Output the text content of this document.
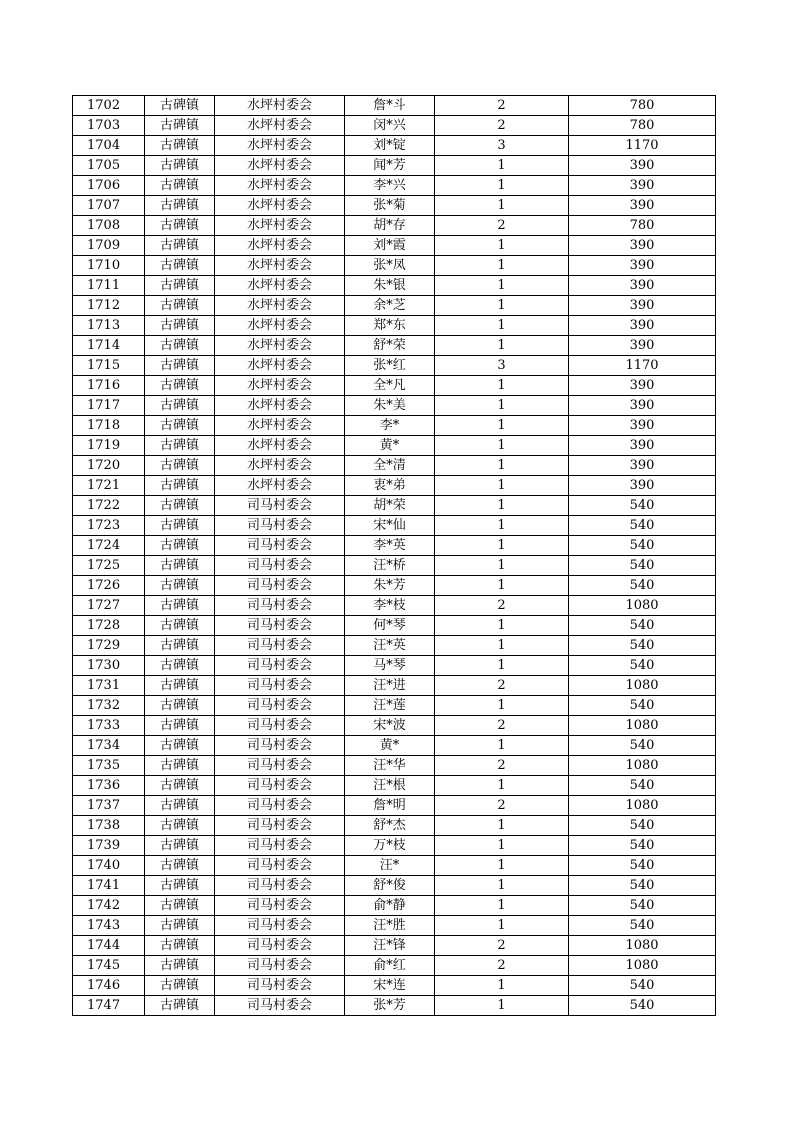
1702	古碑镇	水坪村委会	詹*斗	2	780
1703	古碑镇	水坪村委会	闵*兴	2	780
1704	古碑镇	水坪村委会	刘*锭	3	1170
1705	古碑镇	水坪村委会	闻*芳	1	390
1706	古碑镇	水坪村委会	李*兴	1	390
1707	古碑镇	水坪村委会	张*菊	1	390
1708	古碑镇	水坪村委会	胡*存	2	780
1709	古碑镇	水坪村委会	刘*霞	1	390
1710	古碑镇	水坪村委会	张*凤	1	390
1711	古碑镇	水坪村委会	朱*银	1	390
1712	古碑镇	水坪村委会	余*芝	1	390
1713	古碑镇	水坪村委会	郑*东	1	390
1714	古碑镇	水坪村委会	舒*荣	1	390
1715	古碑镇	水坪村委会	张*红	3	1170
1716	古碑镇	水坪村委会	全*凡	1	390
1717	古碑镇	水坪村委会	朱*美	1	390
1718	古碑镇	水坪村委会	李*	1	390
1719	古碑镇	水坪村委会	黄*	1	390
1720	古碑镇	水坪村委会	全*清	1	390
1721	古碑镇	水坪村委会	衷*弟	1	390
1722	古碑镇	司马村委会	胡*荣	1	540
1723	古碑镇	司马村委会	宋*仙	1	540
1724	古碑镇	司马村委会	李*英	1	540
1725	古碑镇	司马村委会	汪*桥	1	540
1726	古碑镇	司马村委会	朱*芳	1	540
1727	古碑镇	司马村委会	李*枝	2	1080
1728	古碑镇	司马村委会	何*琴	1	540
1729	古碑镇	司马村委会	汪*英	1	540
1730	古碑镇	司马村委会	马*琴	1	540
1731	古碑镇	司马村委会	汪*进	2	1080
1732	古碑镇	司马村委会	汪*莲	1	540
1733	古碑镇	司马村委会	宋*波	2	1080
1734	古碑镇	司马村委会	黄*	1	540
1735	古碑镇	司马村委会	汪*华	2	1080
1736	古碑镇	司马村委会	汪*根	1	540
1737	古碑镇	司马村委会	詹*明	2	1080
1738	古碑镇	司马村委会	舒*杰	1	540
1739	古碑镇	司马村委会	万*枝	1	540
1740	古碑镇	司马村委会	汪*	1	540
1741	古碑镇	司马村委会	舒*俊	1	540
1742	古碑镇	司马村委会	俞*静	1	540
1743	古碑镇	司马村委会	汪*胜	1	540
1744	古碑镇	司马村委会	汪*锋	2	1080
1745	古碑镇	司马村委会	俞*红	2	1080
1746	古碑镇	司马村委会	宋*连	1	540
1747	古碑镇	司马村委会	张*芳	1	540
